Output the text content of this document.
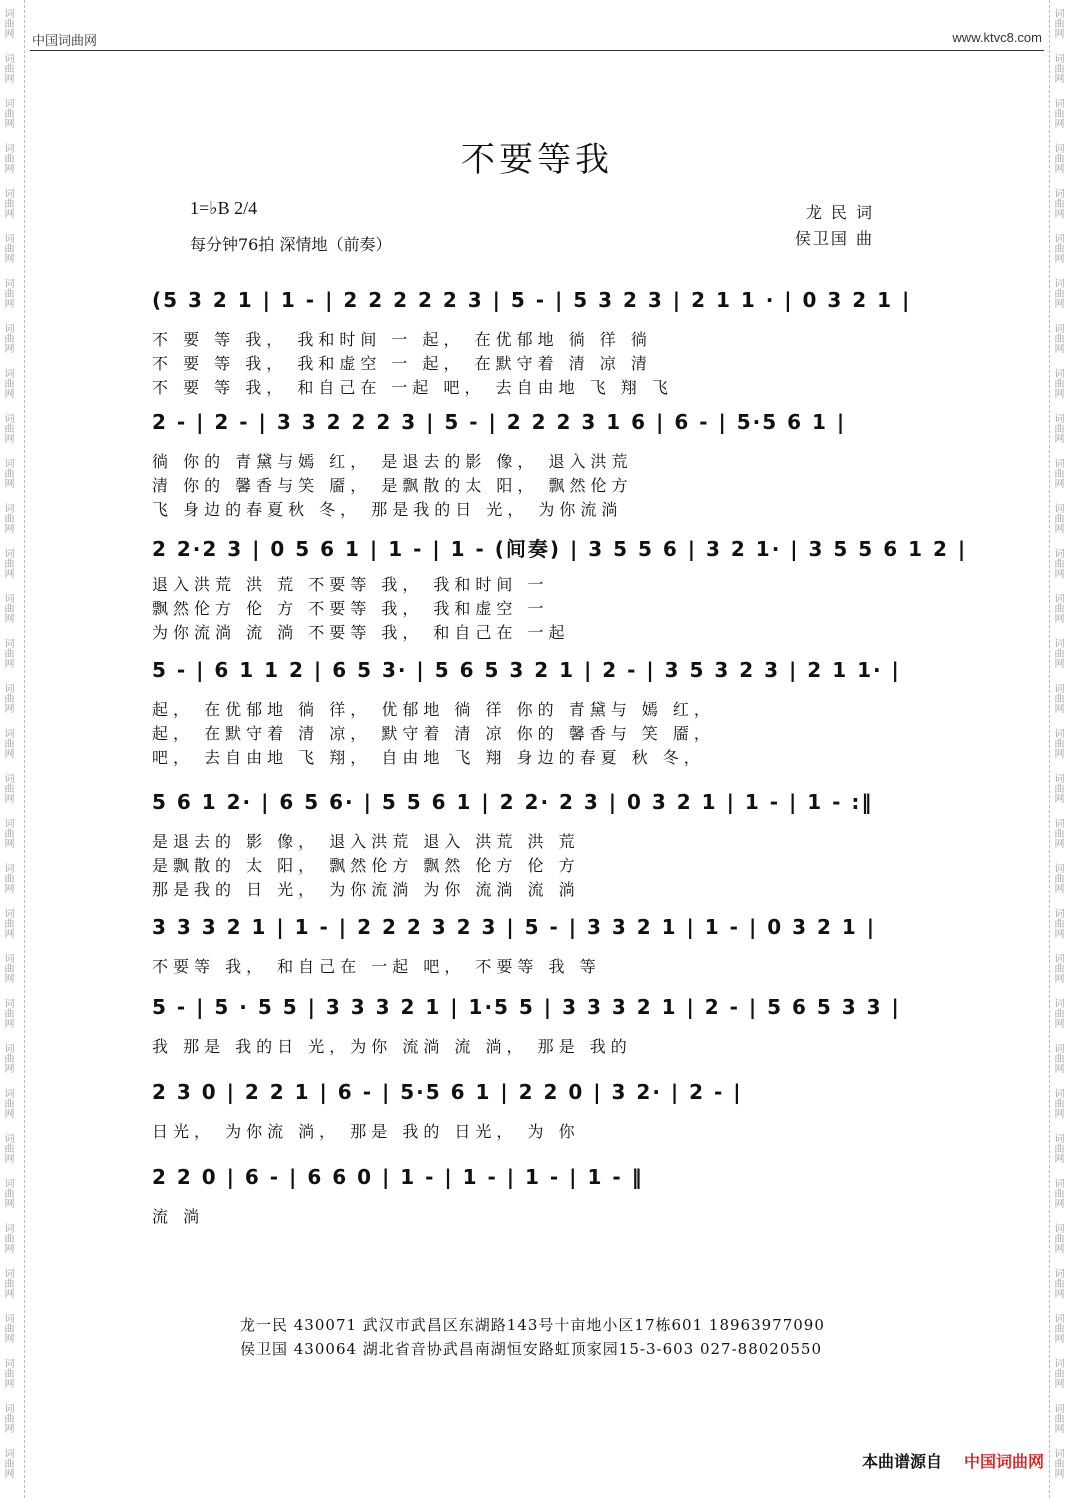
词曲网
词曲网
词曲网
词曲网
词曲网
词曲网
词曲网
词曲网
词曲网
词曲网
词曲网
词曲网
词曲网
词曲网
词曲网
词曲网
词曲网
词曲网
词曲网
词曲网
词曲网
词曲网
词曲网
词曲网
词曲网
词曲网
词曲网
词曲网
词曲网
词曲网
词曲网
词曲网
词曲网
词曲网
词曲网
词曲网
词曲网
词曲网
词曲网
词曲网
词曲网
词曲网
词曲网
词曲网
词曲网
词曲网
词曲网
词曲网
词曲网
词曲网
词曲网
词曲网
词曲网
词曲网
词曲网
词曲网
词曲网
词曲网
词曲网
词曲网
词曲网
词曲网
词曲网
词曲网
词曲网
词曲网
中国词曲网	www.ktvc8.com
不要等我
1=♭B 2/4
每分钟76拍 深情地（前奏）
龙 民 词
侯卫国 曲
(5 3 2 1 | 1 - | 2 2 2 2 2 3 | 5 - | 5 3 2 3 | 2 1 1 · | 0 3 2 1 |
不 要 等 我， 我和时间 一 起， 在优郁地 徜 徉 徜
不 要 等 我， 我和虚空 一 起， 在默守着 清 凉 清
不 要 等 我， 和自己在 一起 吧， 去自由地 飞 翔 飞
2 - | 2 - | 3 3 2 2 2 3 | 5 - | 2 2 2 3 1 6 | 6 - | 5·5 6 1 |
徜 你的 青黛与嫣 红， 是退去的影 像， 退入洪荒
清 你的 馨香与笑 靥， 是飘散的太 阳， 飘然伦方
飞 身边的春夏秋 冬， 那是我的日 光， 为你流淌
2 2·2 3 | 0 5 6 1 | 1 - | 1 - (间奏) | 3 5 5 6 | 3 2 1· | 3 5 5 6 1 2 |
退入洪荒 洪 荒 不要等 我， 我和时间 一
飘然伦方 伦 方 不要等 我， 我和虚空 一
为你流淌 流 淌 不要等 我， 和自己在 一起
5 - | 6 1 1 2 | 6 5 3· | 5 6 5 3 2 1 | 2 - | 3 5 3 2 3 | 2 1 1· |
起， 在优郁地 徜 徉， 优郁地 徜 徉 你的 青黛与 嫣 红，
起， 在默守着 清 凉， 默守着 清 凉 你的 馨香与 笑 靥，
吧， 去自由地 飞 翔， 自由地 飞 翔 身边的春夏 秋 冬，
5 6 1 2· | 6 5 6· | 5 5 6 1 | 2 2· 2 3 | 0 3 2 1 | 1 - | 1 - :‖
是退去的 影 像， 退入洪荒 退入 洪荒 洪 荒
是飘散的 太 阳， 飘然伦方 飘然 伦方 伦 方
那是我的 日 光， 为你流淌 为你 流淌 流 淌
3 3 3 2 1 | 1 - | 2 2 2 3 2 3 | 5 - | 3 3 2 1 | 1 - | 0 3 2 1 |
不要等 我， 和自己在 一起 吧， 不要等 我 等
5 - | 5 · 5 5 | 3 3 3 2 1 | 1·5 5 | 3 3 3 2 1 | 2 - | 5 6 5 3 3 |
我 那是 我的日 光，为你 流淌 流 淌， 那是 我的
2 3 0 | 2 2 1 | 6 - | 5·5 6 1 | 2 2 0 | 3 2· | 2 - |
日光， 为你流 淌， 那是 我的 日光， 为 你
2 2 0 | 6 - | 6 6 0 | 1 - | 1 - | 1 - | 1 - ‖
流 淌
龙一民 430071 武汉市武昌区东湖路143号十亩地小区17栋601 18963977090
侯卫国 430064 湖北省音协武昌南湖恒安路虹顶家园15-3-603 027-88020550
本曲谱源自 中国词曲网
